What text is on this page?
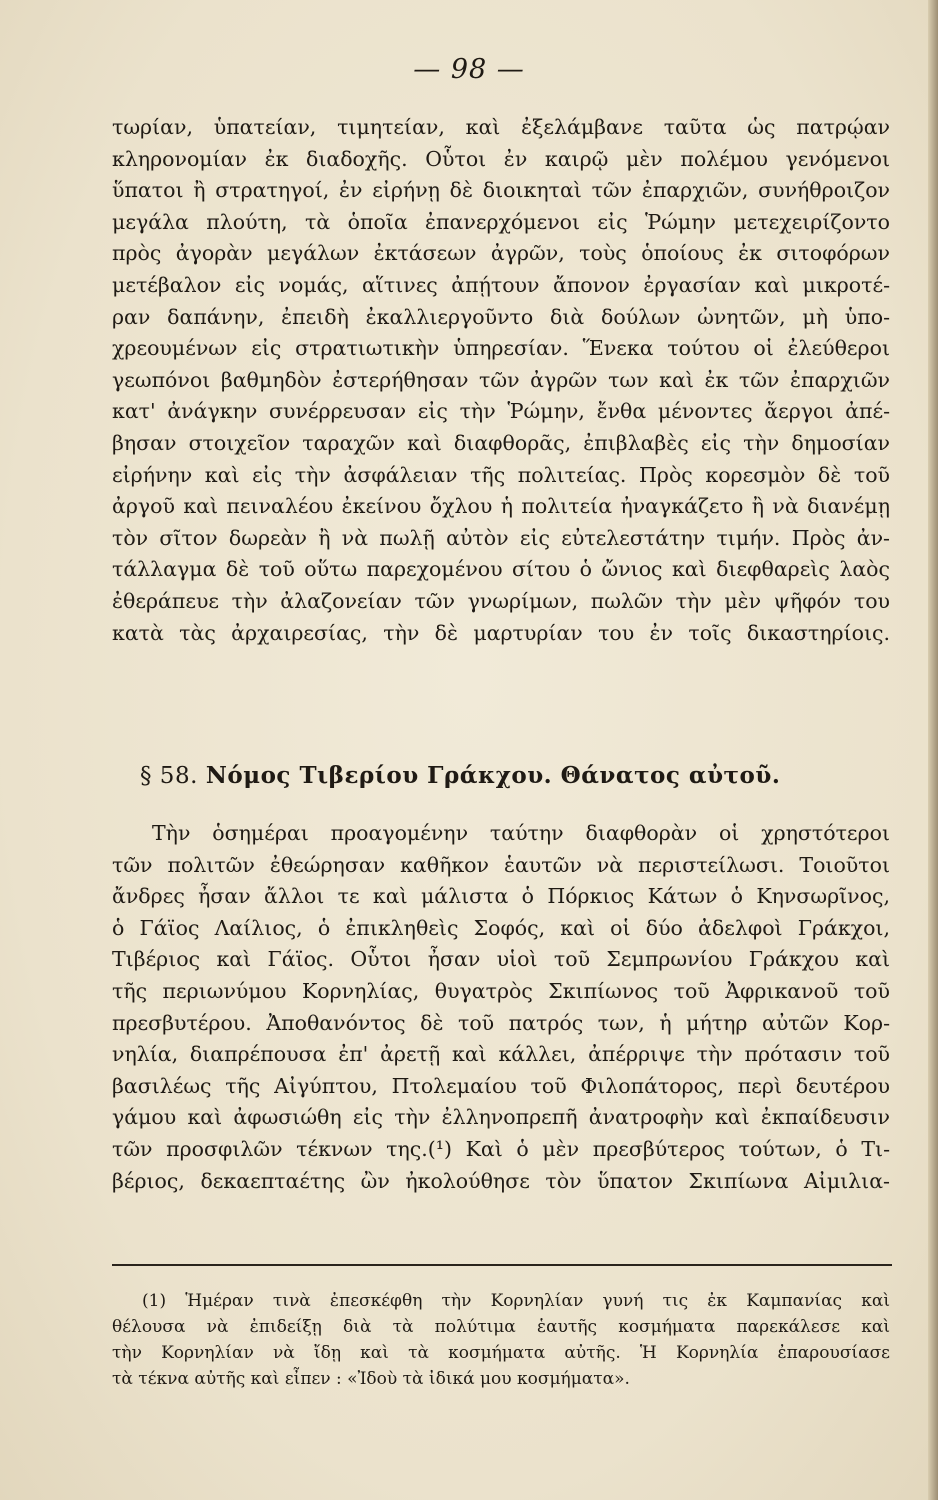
— 98 —
τωρίαν, ὑπατείαν, τιμητείαν, καὶ ἐξελάμβανε ταῦτα ὡς πατρῴαν
κληρονομίαν ἐκ διαδοχῆς. Οὗτοι ἐν καιρῷ μὲν πολέμου γενόμενοι
ὕπατοι ἢ στρατηγοί, ἐν εἰρήνῃ δὲ διοικηταὶ τῶν ἐπαρχιῶν, συνήθροιζον
μεγάλα πλούτη, τὰ ὁποῖα ἐπανερχόμενοι εἰς Ῥώμην μετεχειρίζοντο
πρὸς ἀγορὰν μεγάλων ἐκτάσεων ἀγρῶν, τοὺς ὁποίους ἐκ σιτοφόρων
μετέβαλον εἰς νομάς, αἵτινες ἀπῄτουν ἄπονον ἐργασίαν καὶ μικροτέ-
ραν δαπάνην, ἐπειδὴ ἐκαλλιεργοῦντο διὰ δούλων ὠνητῶν, μὴ ὑπο-
χρεουμένων εἰς στρατιωτικὴν ὑπηρεσίαν. Ἕνεκα τούτου οἱ ἐλεύθεροι
γεωπόνοι βαθμηδὸν ἐστερήθησαν τῶν ἀγρῶν των καὶ ἐκ τῶν ἐπαρχιῶν
κατ' ἀνάγκην συνέρρευσαν εἰς τὴν Ῥώμην, ἔνθα μένοντες ἄεργοι ἀπέ-
βησαν στοιχεῖον ταραχῶν καὶ διαφθορᾶς, ἐπιβλαβὲς εἰς τὴν δημοσίαν
εἰρήνην καὶ εἰς τὴν ἀσφάλειαν τῆς πολιτείας. Πρὸς κορεσμὸν δὲ τοῦ
ἀργοῦ καὶ πειναλέου ἐκείνου ὄχλου ἡ πολιτεία ἠναγκάζετο ἢ νὰ διανέμῃ
τὸν σῖτον δωρεὰν ἢ νὰ πωλῇ αὐτὸν εἰς εὐτελεστάτην τιμήν. Πρὸς ἀν-
τάλλαγμα δὲ τοῦ οὕτω παρεχομένου σίτου ὁ ὤνιος καὶ διεφθαρεὶς λαὸς
ἐθεράπευε τὴν ἀλαζονείαν τῶν γνωρίμων, πωλῶν τὴν μὲν ψῆφόν του
κατὰ τὰς ἀρχαιρεσίας, τὴν δὲ μαρτυρίαν του ἐν τοῖς δικαστηρίοις.
§ 58. Νόμος Τιβερίου Γράκχου. Θάνατος αὐτοῦ.
Τὴν ὁσημέραι προαγομένην ταύτην διαφθορὰν οἱ χρηστότεροι
τῶν πολιτῶν ἐθεώρησαν καθῆκον ἑαυτῶν νὰ περιστείλωσι. Τοιοῦτοι
ἄνδρες ἦσαν ἄλλοι τε καὶ μάλιστα ὁ Πόρκιος Κάτων ὁ Κηνσωρῖνος,
ὁ Γάϊος Λαίλιος, ὁ ἐπικληθεὶς Σοφός, καὶ οἱ δύο ἀδελφοὶ Γράκχοι,
Τιβέριος καὶ Γάϊος. Οὗτοι ἦσαν υἱοὶ τοῦ Σεμπρωνίου Γράκχου καὶ
τῆς περιωνύμου Κορνηλίας, θυγατρὸς Σκιπίωνος τοῦ Ἀφρικανοῦ τοῦ
πρεσβυτέρου. Ἀποθανόντος δὲ τοῦ πατρός των, ἡ μήτηρ αὐτῶν Κορ-
νηλία, διαπρέπουσα ἐπ' ἀρετῇ καὶ κάλλει, ἀπέρριψε τὴν πρότασιν τοῦ
βασιλέως τῆς Αἰγύπτου, Πτολεμαίου τοῦ Φιλοπάτορος, περὶ δευτέρου
γάμου καὶ ἀφωσιώθη εἰς τὴν ἐλληνοπρεπῆ ἀνατροφὴν καὶ ἐκπαίδευσιν
τῶν προσφιλῶν τέκνων της.(¹) Καὶ ὁ μὲν πρεσβύτερος τούτων, ὁ Τι-
βέριος, δεκαεπταέτης ὢν ἠκολούθησε τὸν ὕπατον Σκιπίωνα Αἰμιλια-
(1) Ἡμέραν τινὰ ἐπεσκέφθη τὴν Κορνηλίαν γυνή τις ἐκ Καμπανίας καὶ
θέλουσα νὰ ἐπιδείξῃ διὰ τὰ πολύτιμα ἑαυτῆς κοσμήματα παρεκάλεσε καὶ
τὴν Κορνηλίαν νὰ ἴδῃ καὶ τὰ κοσμήματα αὐτῆς. Ἡ Κορνηλία ἐπαρουσίασε
τὰ τέκνα αὐτῆς καὶ εἶπεν : «Ἰδοὺ τὰ ἰδικά μου κοσμήματα».
